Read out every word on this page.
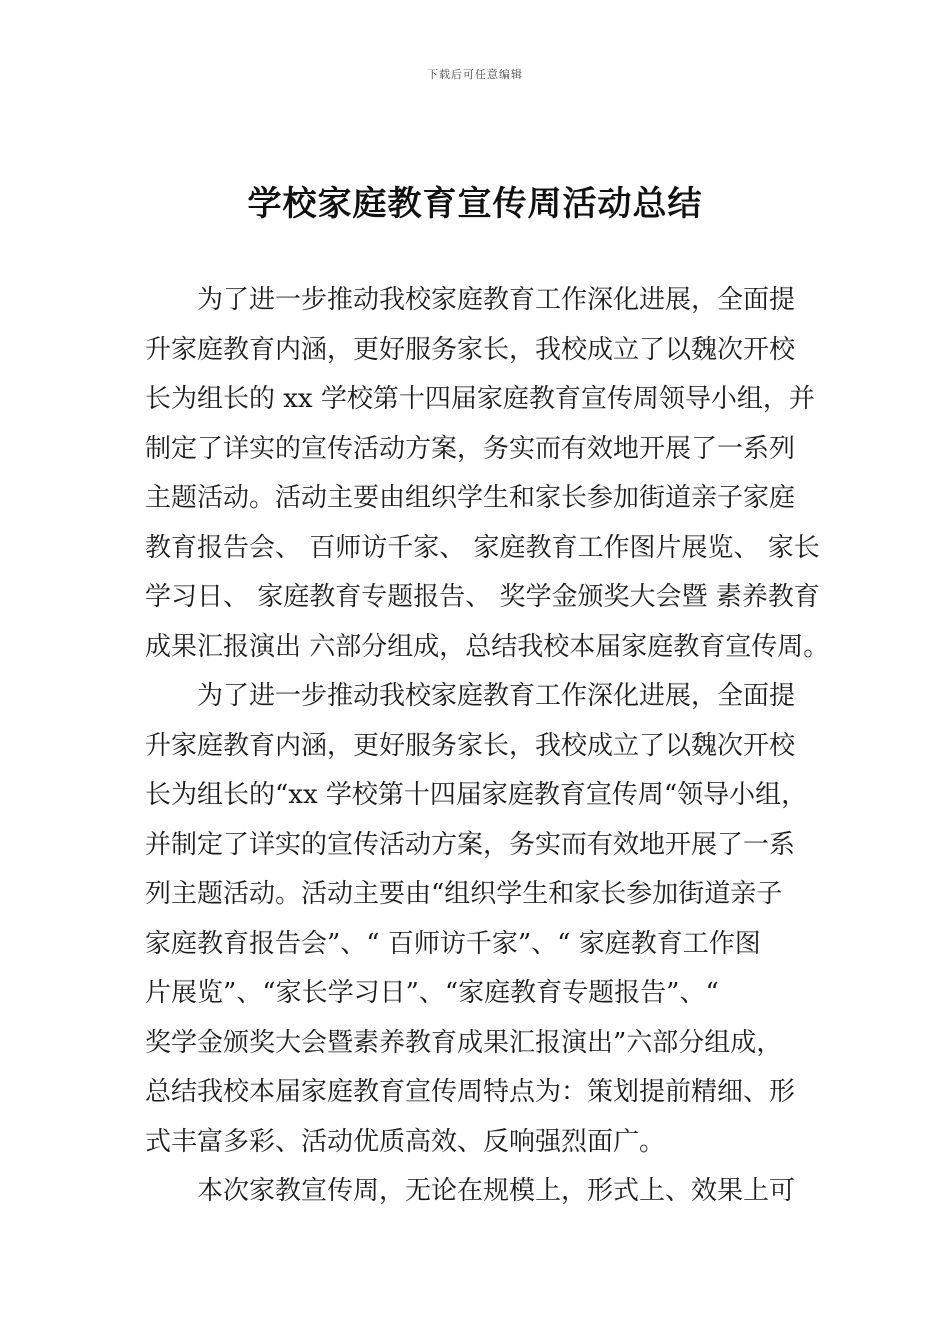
下载后可任意编辑
学校家庭教育宣传周活动总结
为了进一步推动我校家庭教育工作深化进展，全面提
升家庭教育内涵，更好服务家长，我校成立了以魏次开校
长为组长的 xx 学校第十四届家庭教育宣传周领导小组，并
制定了详实的宣传活动方案，务实而有效地开展了一系列
主题活动。活动主要由组织学生和家长参加街道亲子家庭
教育报告会、 百师访千家、 家庭教育工作图片展览、 家长
学习日、 家庭教育专题报告、 奖学金颁奖大会暨 素养教育
成果汇报演出 六部分组成，总结我校本届家庭教育宣传周。
为了进一步推动我校家庭教育工作深化进展，全面提
升家庭教育内涵，更好服务家长，我校成立了以魏次开校
长为组长的“xx 学校第十四届家庭教育宣传周“领导小组，
并制定了详实的宣传活动方案，务实而有效地开展了一系
列主题活动。活动主要由“组织学生和家长参加街道亲子
家庭教育报告会”、“ 百师访千家”、“ 家庭教育工作图
片展览”、“家长学习日”、“家庭教育专题报告”、“
奖学金颁奖大会暨素养教育成果汇报演出”六部分组成，
总结我校本届家庭教育宣传周特点为：策划提前精细、形
式丰富多彩、活动优质高效、反响强烈面广。
本次家教宣传周，无论在规模上，形式上、效果上可
